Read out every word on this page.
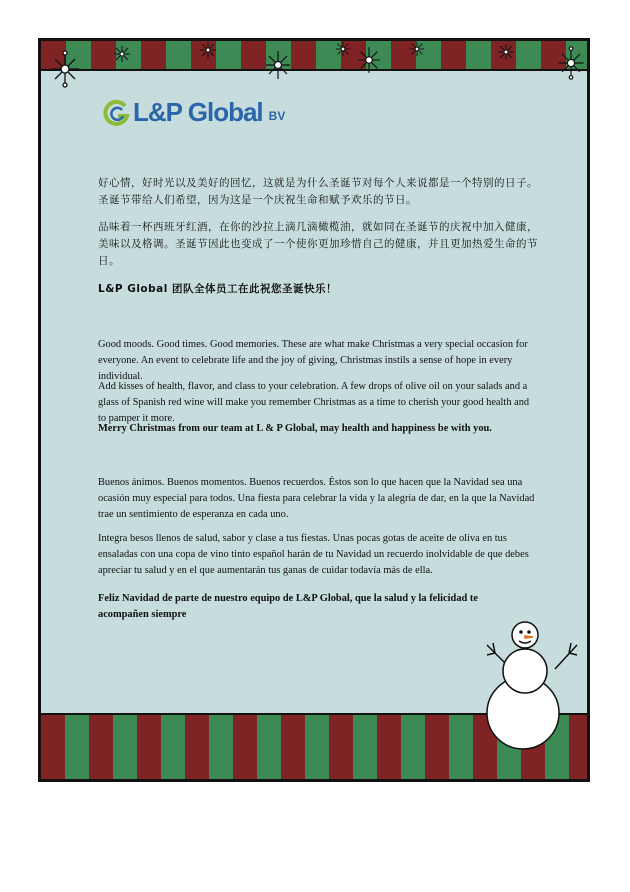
L&P Global BV
好心情，好时光以及美好的回忆，这就是为什么圣诞节对每个人来说都是一个特别的日子。圣诞节带给人们希望，因为这是一个庆祝生命和赋予欢乐的节日。
品味着一杯西班牙红酒，在你的沙拉上滴几滴橄榄油，就如同在圣诞节的庆祝中加入健康，美味以及格调。圣诞节因此也变成了一个使你更加珍惜自己的健康，并且更加热爱生命的节日。
L&P Global 团队全体员工在此祝您圣诞快乐！
Good moods. Good times. Good memories. These are what make Christmas a very special occasion for everyone. An event to celebrate life and the joy of giving, Christmas instils a sense of hope in every individual.
Add kisses of health, flavor, and class to your celebration. A few drops of olive oil on your salads and a glass of Spanish red wine will make you remember Christmas as a time to cherish your good health and to pamper it more.
Merry Christmas from our team at L & P Global, may health and happiness be with you.
Buenos ánimos. Buenos momentos. Buenos recuerdos. Éstos son lo que hacen que la Navidad sea una ocasión muy especial para todos. Una fiesta para celebrar la vida y la alegría de dar, en la que la Navidad trae un sentimiento de esperanza en cada uno.
Integra besos llenos de salud, sabor y clase a tus fiestas. Unas pocas gotas de aceite de oliva en tus ensaladas con una copa de vino tinto español harán de tu Navidad un recuerdo inolvidable de que debes apreciar tu salud y en el que aumentarán tus ganas de cuidar todavía más de ella.
Feliz Navidad de parte de nuestro equipo de L&P Global, que la salud y la felicidad te acompañen siempre
